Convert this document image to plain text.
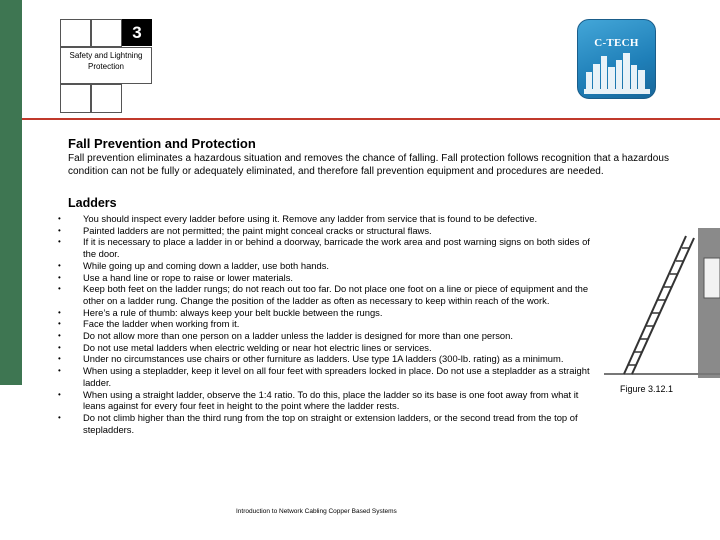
3
Safety and Lightning Protection
C-TECH
Fall Prevention and Protection
Fall prevention eliminates a hazardous situation and removes the chance of falling. Fall protection follows recognition that a hazardous condition can not be fully or adequately eliminated, and therefore fall prevention equipment and procedures are needed.
Ladders
• You should inspect every ladder before using it. Remove any ladder from service that is found to be defective.
• Painted ladders are not permitted; the paint might conceal cracks or structural flaws.
• If it is necessary to place a ladder in or behind a doorway, barricade the work area and post warning signs on both sides of the door.
• While going up and coming down a ladder, use both hands.
• Use a hand line or rope to raise or lower materials.
• Keep both feet on the ladder rungs; do not reach out too far. Do not place one foot on a line or piece of equipment and the other on a ladder rung. Change the position of the ladder as often as necessary to keep within reach of the work.
• Here’s a rule of thumb: always keep your belt buckle between the rungs.
• Face the ladder when working from it.
• Do not allow more than one person on a ladder unless the ladder is designed for more than one person.
• Do not use metal ladders when electric welding or near hot electric lines or services.
• Under no circumstances use chairs or other furniture as ladders. Use type 1A ladders (300-lb. rating) as a minimum.
• When using a stepladder, keep it level on all four feet with spreaders locked in place. Do not use a stepladder as a straight ladder.
• When using a straight ladder, observe the 1:4 ratio. To do this, place the ladder so its base is one foot away from what it leans against for every four feet in height to the point where the ladder rests.
• Do not climb higher than the third rung from the top on straight or extension ladders, or the second tread from the top of stepladders.
Figure 3.12.1
Introduction to Network Cabling Copper Based Systems
